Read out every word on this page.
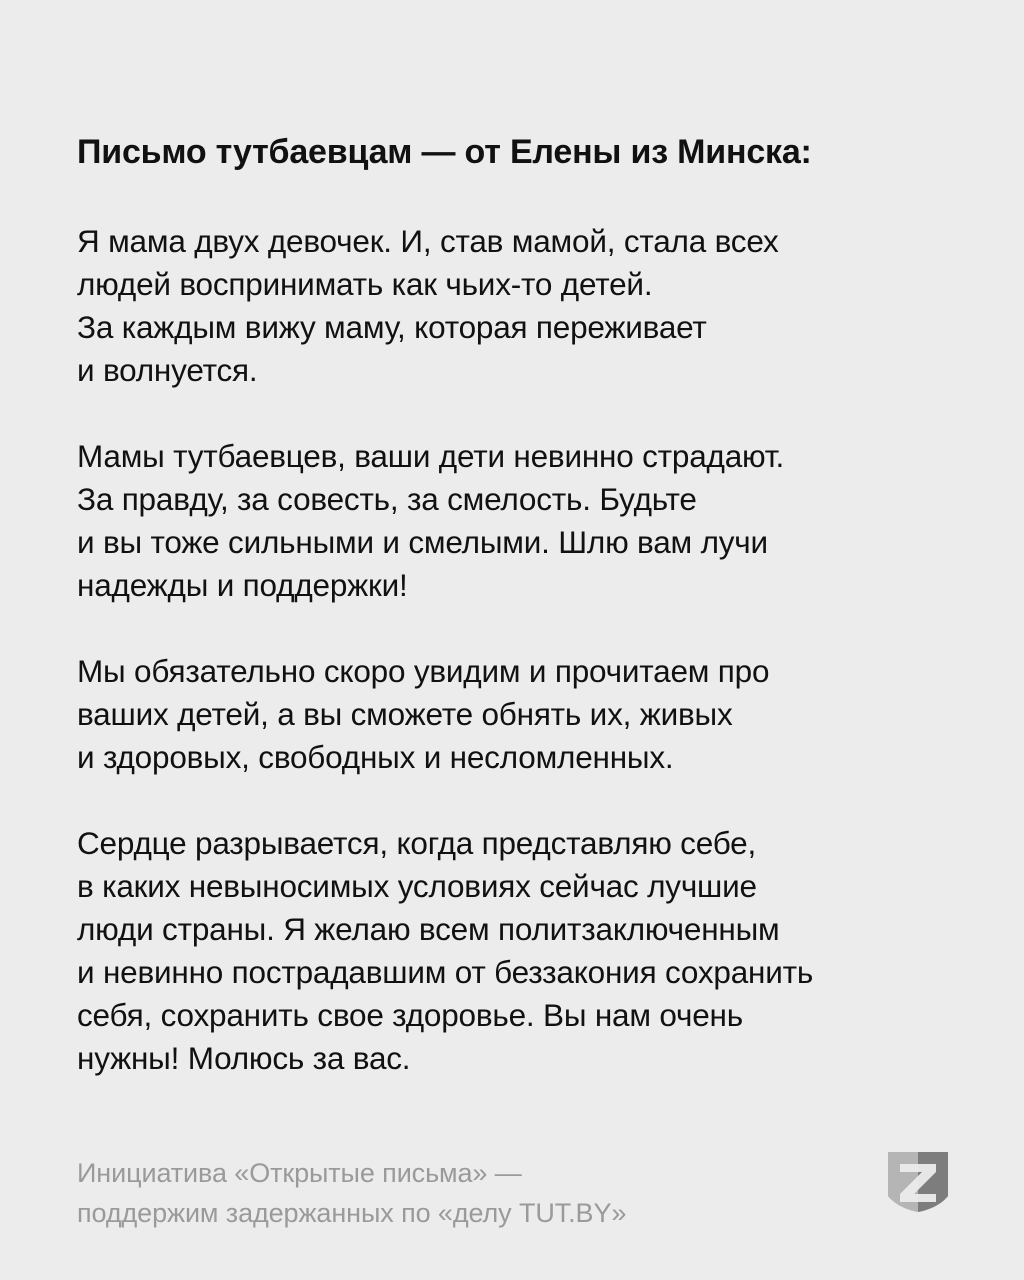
Письмо тутбаевцам — от Елены из Минска:
Я мама двух девочек. И, став мамой, стала всех
людей воспринимать как чьих-то детей.
За каждым вижу маму, которая переживает
и волнуется.
Мамы тутбаевцев, ваши дети невинно страдают.
За правду, за совесть, за смелость. Будьте
и вы тоже сильными и смелыми. Шлю вам лучи
надежды и поддержки!
Мы обязательно скоро увидим и прочитаем про
ваших детей, а вы сможете обнять их, живых
и здоровых, свободных и несломленных.
Сердце разрывается, когда представляю себе,
в каких невыносимых условиях сейчас лучшие
люди страны. Я желаю всем политзаключенным
и невинно пострадавшим от беззакония сохранить
себя, сохранить свое здоровье. Вы нам очень
нужны! Молюсь за вас.
Инициатива «Открытые письма» —
поддержим задержанных по «делу TUT.BY»
